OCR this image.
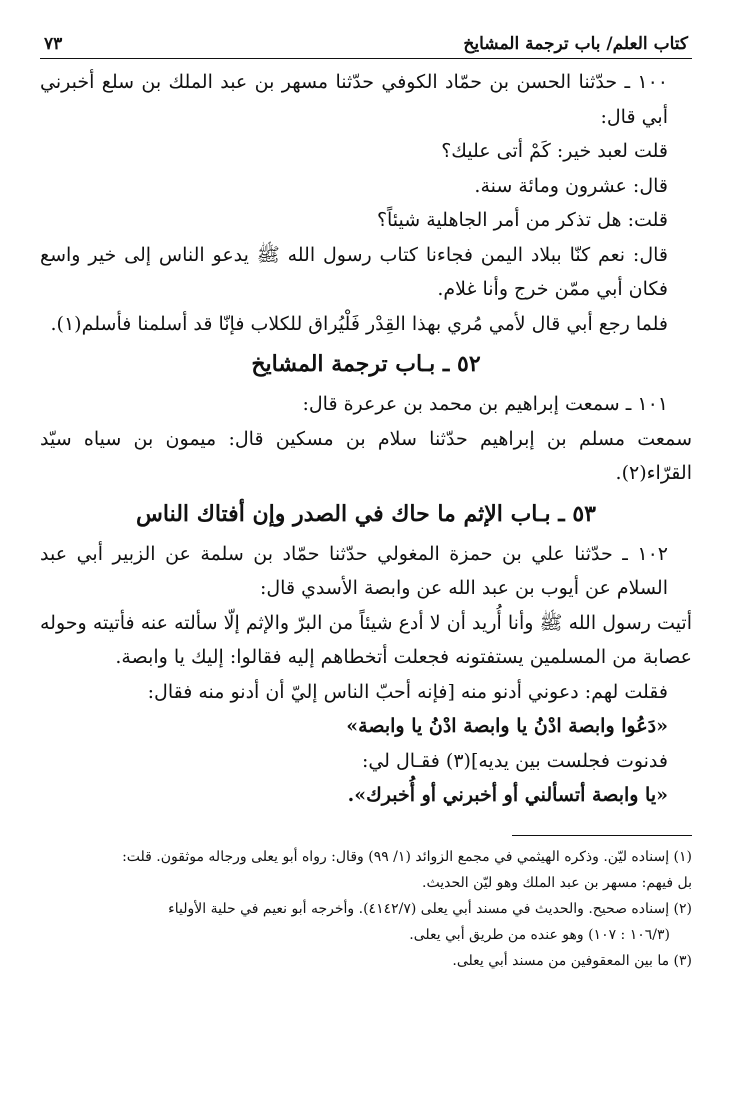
كتاب العلم/ باب ترجمة المشايخ
٧٣

١٠٠ ـ حدّثنا الحسن بن حمّاد الكوفي حدّثنا مسهر بن عبد الملك بن سلع أخبرني أبي قال:

قلت لعبد خير: كَمْ أتى عليك؟

قال: عشرون ومائة سنة.

قلت: هل تذكر من أمر الجاهلية شيئاً؟

قال: نعم كنّا ببلاد اليمن فجاءنا كتاب رسول الله ﷺ يدعو الناس إلى خير واسع فكان أبي ممّن خرج وأنا غلام.

فلما رجع أبي قال لأمي مُري بهذا القِدْر فَلْيُراق للكلاب فإنّا قد أسلمنا فأسلم(١).

٥٢ ـ بـاب ترجمة المشايخ

١٠١ ـ سمعت إبراهيم بن محمد بن عرعرة قال:

سمعت مسلم بن إبراهيم حدّثنا سلام بن مسكين قال: ميمون بن سياه سيّد القرّاء(٢).

٥٣ ـ بـاب الإثم ما حاك في الصدر وإن أفتاك الناس

١٠٢ ـ حدّثنا علي بن حمزة المغولي حدّثنا حمّاد بن سلمة عن الزبير أبي عبد السلام عن أيوب بن عبد الله عن وابصة الأسدي قال:

أتيت رسول الله ﷺ وأنا أُريد أن لا أدع شيئاً من البرّ والإثم إلّا سألته عنه فأتيته وحوله عصابة من المسلمين يستفتونه فجعلت أتخطاهم إليه فقالوا: إليك يا وابصة.

فقلت لهم: دعوني أدنو منه [فإنه أحبّ الناس إليّ أن أدنو منه فقال:

«دَعُوا وابصة ادْنُ يا وابصة ادْنُ يا وابصة»

فدنوت فجلست بين يديه](٣) فقـال لي:

«يا وابصة أتسألني أو أخبرني أو أُخبرك».

(١) إسناده ليّن. وذكره الهيثمي في مجمع الزوائد (١/ ٩٩) وقال: رواه أبو يعلى ورجاله موثقون. قلت:

بل فيهم: مسهر بن عبد الملك وهو ليّن الحديث.

(٢) إسناده صحيح. والحديث في مسند أبي يعلى (٤١٤٢/٧). وأخرجه أبو نعيم في حلية الأولياء

(١٠٦/٣ : ١٠٧) وهو عنده من طريق أبي يعلى.

(٣) ما بين المعقوفين من مسند أبي يعلى.
